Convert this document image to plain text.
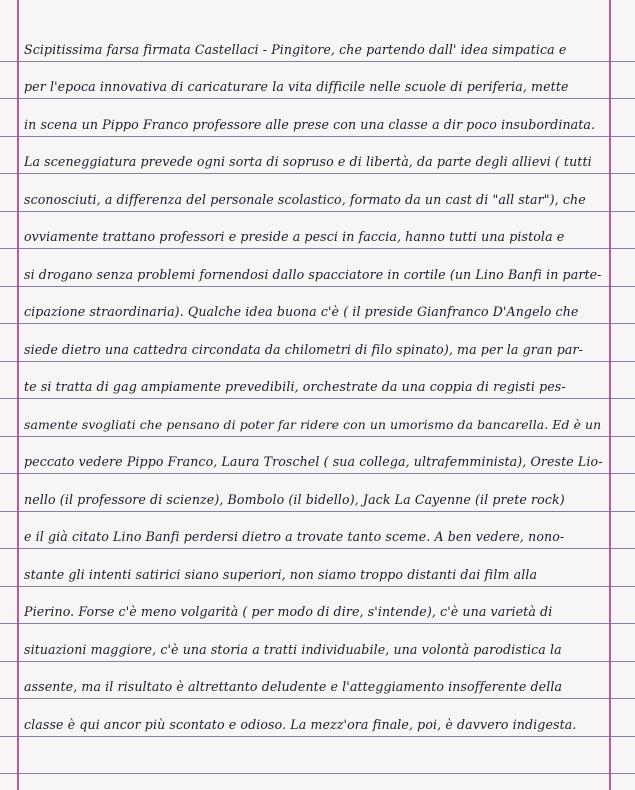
Scipitissima farsa firmata Castellaci - Pingitore, che partendo dall' idea simpatica e
per l'epoca innovativa di caricaturare la vita difficile nelle scuole di periferia, mette
in scena un Pippo Franco professore alle prese con una classe a dir poco insubordinata.
La sceneggiatura prevede ogni sorta di sopruso e di libertà, da parte degli allievi ( tutti
sconosciuti, a differenza del personale scolastico, formato da un cast di "all star"), che
ovviamente trattano professori e preside a pesci in faccia, hanno tutti una pistola e
si drogano senza problemi fornendosi dallo spacciatore in cortile (un Lino Banfi in parte-
cipazione straordinaria). Qualche idea buona c'è ( il preside Gianfranco D'Angelo che
siede dietro una cattedra circondata da chilometri di filo spinato), ma per la gran par-
te si tratta di gag ampiamente prevedibili, orchestrate da una coppia di registi pes-
samente svogliati che pensano di poter far ridere con un umorismo da bancarella. Ed è un
peccato vedere Pippo Franco, Laura Troschel ( sua collega, ultrafemminista), Oreste Lio-
nello (il professore di scienze), Bombolo (il bidello), Jack La Cayenne (il prete rock)
e il già citato Lino Banfi perdersi dietro a trovate tanto sceme. A ben vedere, nono-
stante gli intenti satirici siano superiori, non siamo troppo distanti dai film alla
Pierino. Forse c'è meno volgarità ( per modo di dire, s'intende), c'è una varietà di
situazioni maggiore, c'è una storia a tratti individuabile, una volontà parodistica la
assente, ma il risultato è altrettanto deludente e l'atteggiamento insofferente della
classe è qui ancor più scontato e odioso. La mezz'ora finale, poi, è davvero indigesta.
